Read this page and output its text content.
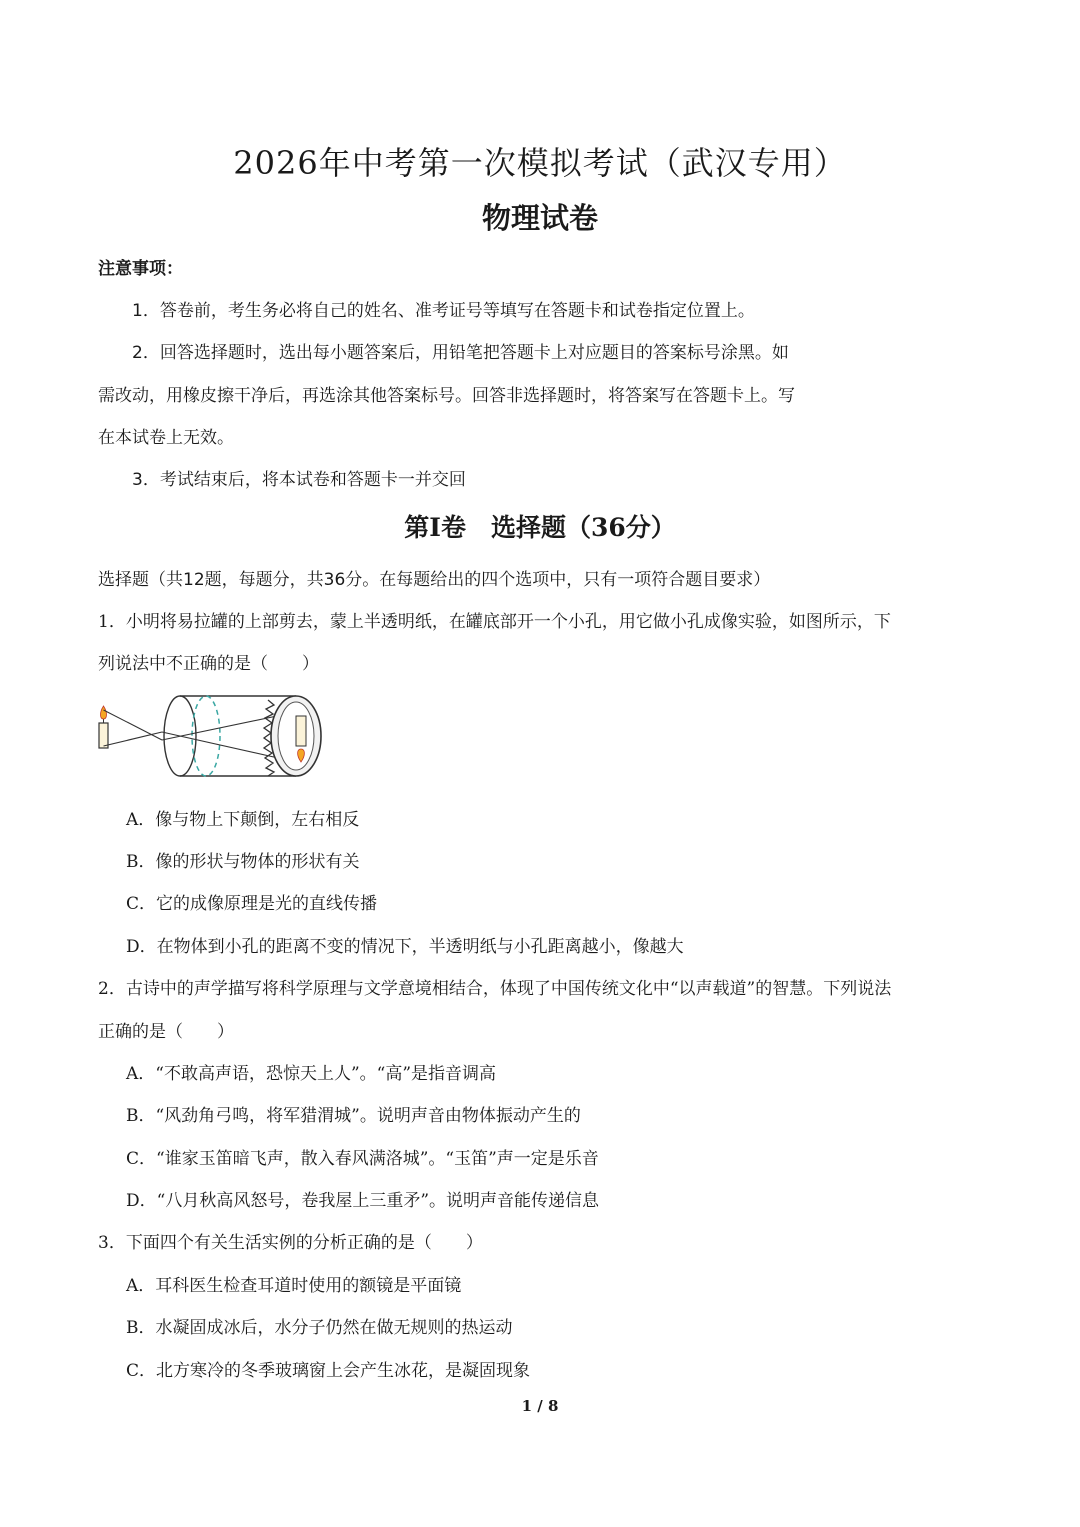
2026年中考第一次模拟考试（武汉专用）
物理试卷
注意事项：
1．答卷前，考生务必将自己的姓名、准考证号等填写在答题卡和试卷指定位置上。
2．回答选择题时，选出每小题答案后，用铅笔把答题卡上对应题目的答案标号涂黑。如
需改动，用橡皮擦干净后，再选涂其他答案标号。回答非选择题时，将答案写在答题卡上。写
在本试卷上无效。
3．考试结束后，将本试卷和答题卡一并交回
第Ⅰ卷　选择题（36分）
选择题（共12题，每题分，共36分。在每题给出的四个选项中，只有一项符合题目要求）
1．小明将易拉罐的上部剪去，蒙上半透明纸，在罐底部开一个小孔，用它做小孔成像实验，如图所示，下
列说法中不正确的是（　　）
A．像与物上下颠倒，左右相反
B．像的形状与物体的形状有关
C．它的成像原理是光的直线传播
D．在物体到小孔的距离不变的情况下，半透明纸与小孔距离越小，像越大
2．古诗中的声学描写将科学原理与文学意境相结合，体现了中国传统文化中“以声载道”的智慧。下列说法
正确的是（　　）
A．“不敢高声语，恐惊天上人”。“高”是指音调高
B．“风劲角弓鸣，将军猎渭城”。说明声音由物体振动产生的
C．“谁家玉笛暗飞声，散入春风满洛城”。“玉笛”声一定是乐音
D．“八月秋高风怒号，卷我屋上三重矛”。说明声音能传递信息
3．下面四个有关生活实例的分析正确的是（　　）
A．耳科医生检查耳道时使用的额镜是平面镜
B．水凝固成冰后，水分子仍然在做无规则的热运动
C．北方寒冷的冬季玻璃窗上会产生冰花，是凝固现象
1 / 8
